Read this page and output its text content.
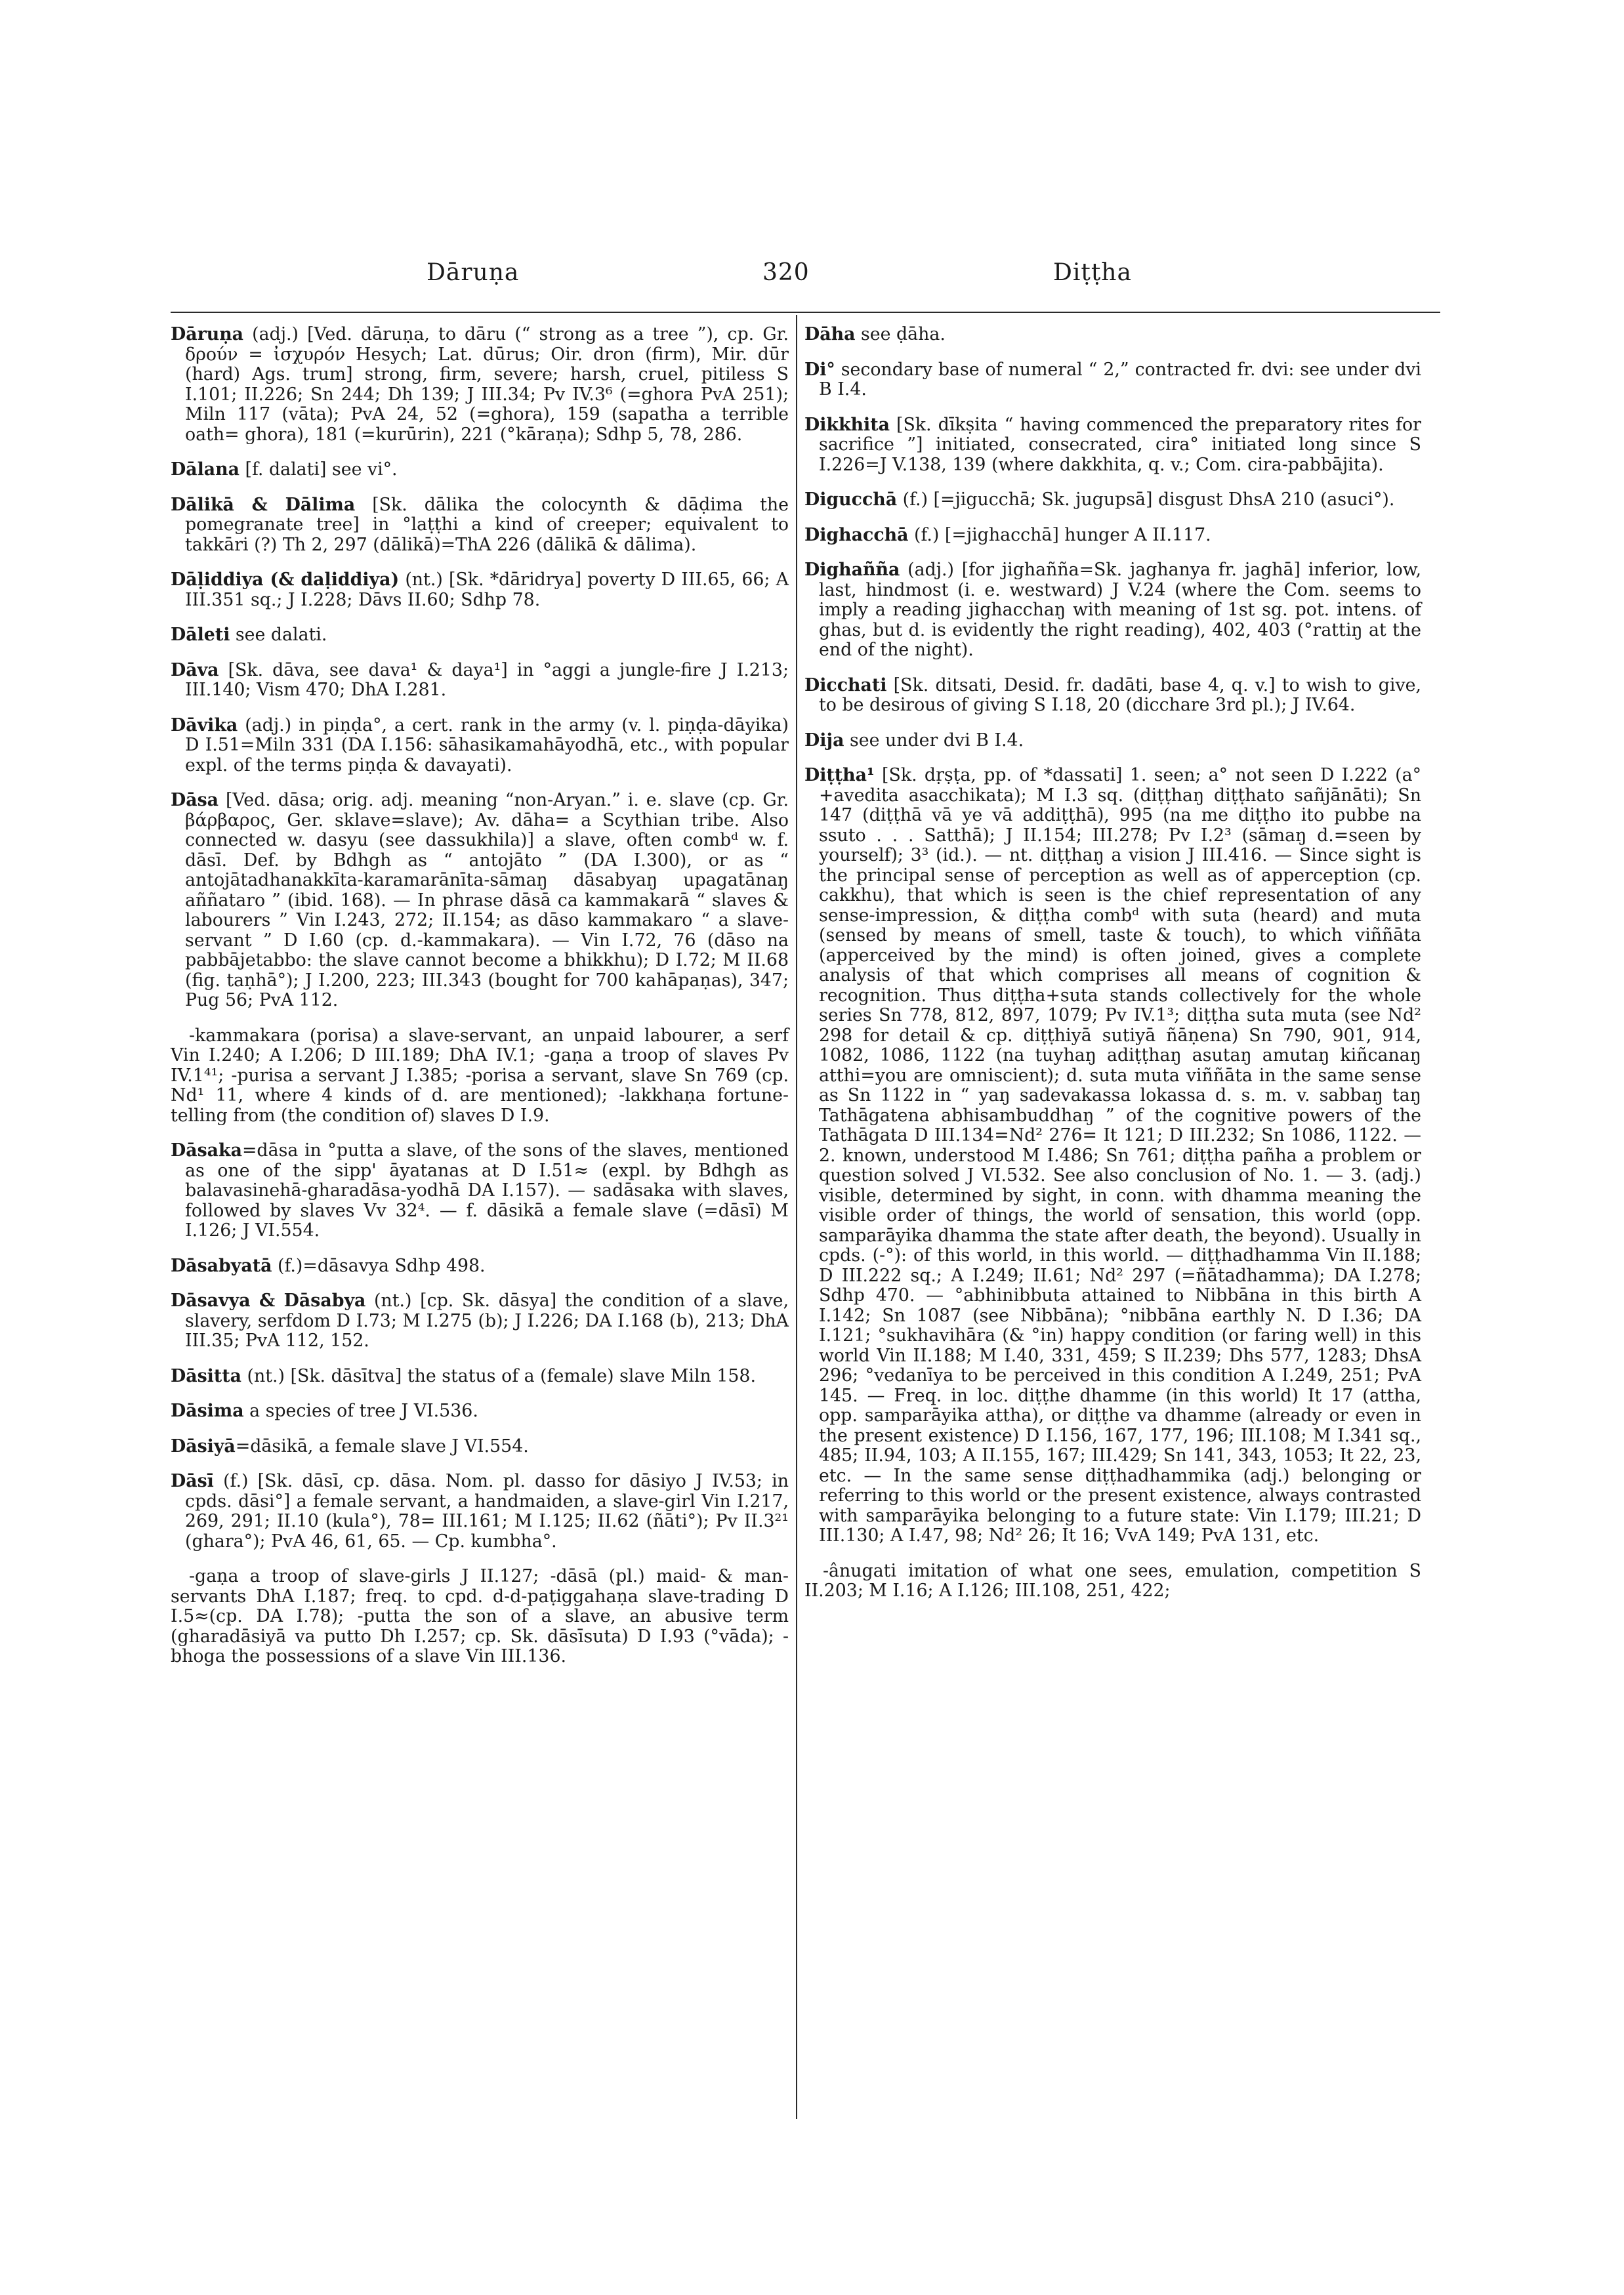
Dāruṇa	320	Diṭṭha

Dāruṇa (adj.) [Ved. dāruṇa, to dāru (“ strong as a tree ”), cp. Gr. δρούν = ἰσχυρόν Hesych; Lat. dūrus; Oir. dron (firm), Mir. dūr (hard) Ags. trum] strong, firm, severe; harsh, cruel, pitiless S I.101; II.226; Sn 244; Dh 139; J III.34; Pv IV.3⁶ (=ghora PvA 251); Miln 117 (vāta); PvA 24, 52 (=ghora), 159 (sapatha a terrible oath= ghora), 181 (=kurūrin), 221 (°kāraṇa); Sdhp 5, 78, 286.

Dālana [f. dalati] see vi°.

Dālikā & Dālima [Sk. dālika the colocynth & dāḍima the pomegranate tree] in °laṭṭhi a kind of creeper; equivalent to takkāri (?) Th 2, 297 (dālikā)=ThA 226 (dālikā & dālima).

Dāḷiddiya (& daḷiddiya) (nt.) [Sk. *dāridrya] poverty D III.65, 66; A III.351 sq.; J I.228; Dāvs II.60; Sdhp 78.

Dāleti see dalati.

Dāva [Sk. dāva, see dava¹ & daya¹] in °aggi a jungle-fire J I.213; III.140; Vism 470; DhA I.281.

Dāvika (adj.) in piṇḍa°, a cert. rank in the army (v. l. piṇḍa-dāyika) D I.51=Miln 331 (DA I.156: sāhasikamahāyodhā, etc., with popular expl. of the terms piṇḍa & davayati).

Dāsa [Ved. dāsa; orig. adj. meaning “non-Aryan.” i. e. slave (cp. Gr. βάρβαρος, Ger. sklave=slave); Av. dāha= a Scythian tribe. Also connected w. dasyu (see dassukhila)] a slave, often combᵈ w. f. dāsī. Def. by Bdhgh as “ antojāto ” (DA I.300), or as “ antojātadhanakkīta-karamarānīta-sāmaŋ dāsabyaŋ upagatānaŋ aññataro ” (ibid. 168). — In phrase dāsā ca kammakarā “ slaves & labourers ” Vin I.243, 272; II.154; as dāso kammakaro “ a slave-servant ” D I.60 (cp. d.-kammakara). — Vin I.72, 76 (dāso na pabbājetabbo: the slave cannot become a bhikkhu); D I.72; M II.68 (fig. taṇhā°); J I.200, 223; III.343 (bought for 700 kahāpaṇas), 347; Pug 56; PvA 112.

-kammakara (porisa) a slave-servant, an unpaid labourer, a serf Vin I.240; A I.206; D III.189; DhA IV.1; -gaṇa a troop of slaves Pv IV.1⁴¹; -purisa a servant J I.385; -porisa a servant, slave Sn 769 (cp. Nd¹ 11, where 4 kinds of d. are mentioned); -lakkhaṇa fortune-telling from (the condition of) slaves D I.9.

Dāsaka=dāsa in °putta a slave, of the sons of the slaves, mentioned as one of the sipp' āyatanas at D I.51≈ (expl. by Bdhgh as balavasinehā-gharadāsa-yodhā DA I.157). — sadāsaka with slaves, followed by slaves Vv 32⁴. — f. dāsikā a female slave (=dāsī) M I.126; J VI.554.

Dāsabyatā (f.)=dāsavya Sdhp 498.

Dāsavya & Dāsabya (nt.) [cp. Sk. dāsya] the condition of a slave, slavery, serfdom D I.73; M I.275 (b); J I.226; DA I.168 (b), 213; DhA III.35; PvA 112, 152.

Dāsitta (nt.) [Sk. dāsītva] the status of a (female) slave Miln 158.

Dāsima a species of tree J VI.536.

Dāsiyā=dāsikā, a female slave J VI.554.

Dāsī (f.) [Sk. dāsī, cp. dāsa. Nom. pl. dasso for dāsiyo J IV.53; in cpds. dāsi°] a female servant, a handmaiden, a slave-girl Vin I.217, 269, 291; II.10 (kula°), 78= III.161; M I.125; II.62 (ñāti°); Pv II.3²¹ (ghara°); PvA 46, 61, 65. — Cp. kumbha°.

-gaṇa a troop of slave-girls J II.127; -dāsā (pl.) maid- & man-servants DhA I.187; freq. to cpd. d-d-paṭiggahaṇa slave-trading D I.5≈(cp. DA I.78); -putta the son of a slave, an abusive term (gharadāsiyā va putto Dh I.257; cp. Sk. dāsīsuta) D I.93 (°vāda); -bhoga the possessions of a slave Vin III.136.

Dāha see ḍāha.

Di° secondary base of numeral “ 2,” contracted fr. dvi: see under dvi B I.4.

Dikkhita [Sk. dīkṣita “ having commenced the preparatory rites for sacrifice ”] initiated, consecrated, cira° initiated long since S I.226=J V.138, 139 (where dakkhita, q. v.; Com. cira-pabbājita).

Digucchā (f.) [=jigucchā; Sk. jugupsā] disgust DhsA 210 (asuci°).

Dighacchā (f.) [=jighacchā] hunger A II.117.

Dighañña (adj.) [for jighañña=Sk. jaghanya fr. jaghā] inferior, low, last, hindmost (i. e. westward) J V.24 (where the Com. seems to imply a reading jighacchaŋ with meaning of 1st sg. pot. intens. of ghas, but d. is evidently the right reading), 402, 403 (°rattiŋ at the end of the night).

Dicchati [Sk. ditsati, Desid. fr. dadāti, base 4, q. v.] to wish to give, to be desirous of giving S I.18, 20 (dicchare 3rd pl.); J IV.64.

Dija see under dvi B I.4.

Diṭṭha¹ [Sk. dṛṣṭa, pp. of *dassati] 1. seen; a° not seen D I.222 (a°+avedita asacchikata); M I.3 sq. (diṭṭhaŋ diṭṭhato sañjānāti); Sn 147 (diṭṭhā vā ye vā addiṭṭhā), 995 (na me diṭṭho ito pubbe na ssuto . . . Satthā); J II.154; III.278; Pv I.2³ (sāmaŋ d.=seen by yourself); 3³ (id.). — nt. diṭṭhaŋ a vision J III.416. — Since sight is the principal sense of perception as well as of apperception (cp. cakkhu), that which is seen is the chief representation of any sense-impression, & diṭṭha combᵈ with suta (heard) and muta (sensed by means of smell, taste & touch), to which viññāta (apperceived by the mind) is often joined, gives a complete analysis of that which comprises all means of cognition & recognition. Thus diṭṭha+suta stands collectively for the whole series Sn 778, 812, 897, 1079; Pv IV.1³; diṭṭha suta muta (see Nd² 298 for detail & cp. diṭṭhiyā sutiyā ñāṇena) Sn 790, 901, 914, 1082, 1086, 1122 (na tuyhaŋ adiṭṭhaŋ asutaŋ amutaŋ kiñcanaŋ atthi=you are omniscient); d. suta muta viññāta in the same sense as Sn 1122 in “ yaŋ sadevakassa lokassa d. s. m. v. sabbaŋ taŋ Tathāgatena abhisambuddhaŋ ” of the cognitive powers of the Tathāgata D III.134=Nd² 276= It 121; D III.232; Sn 1086, 1122. — 2. known, understood M I.486; Sn 761; diṭṭha pañha a problem or question solved J VI.532. See also conclusion of No. 1. — 3. (adj.) visible, determined by sight, in conn. with dhamma meaning the visible order of things, the world of sensation, this world (opp. samparāyika dhamma the state after death, the beyond). Usually in cpds. (-°): of this world, in this world. — diṭṭhadhamma Vin II.188; D III.222 sq.; A I.249; II.61; Nd² 297 (=ñātadhamma); DA I.278; Sdhp 470. — °abhinibbuta attained to Nibbāna in this birth A I.142; Sn 1087 (see Nibbāna); °nibbāna earthly N. D I.36; DA I.121; °sukhavihāra (& °in) happy condition (or faring well) in this world Vin II.188; M I.40, 331, 459; S II.239; Dhs 577, 1283; DhsA 296; °vedanīya to be perceived in this condition A I.249, 251; PvA 145. — Freq. in loc. diṭṭhe dhamme (in this world) It 17 (attha, opp. samparāyika attha), or diṭṭhe va dhamme (already or even in the present existence) D I.156, 167, 177, 196; III.108; M I.341 sq., 485; II.94, 103; A II.155, 167; III.429; Sn 141, 343, 1053; It 22, 23, etc. — In the same sense diṭṭhadhammika (adj.) belonging or referring to this world or the present existence, always contrasted with samparāyika belonging to a future state: Vin I.179; III.21; D III.130; A I.47, 98; Nd² 26; It 16; VvA 149; PvA 131, etc.

-ânugati imitation of what one sees, emulation, competition S II.203; M I.16; A I.126; III.108, 251, 422;
